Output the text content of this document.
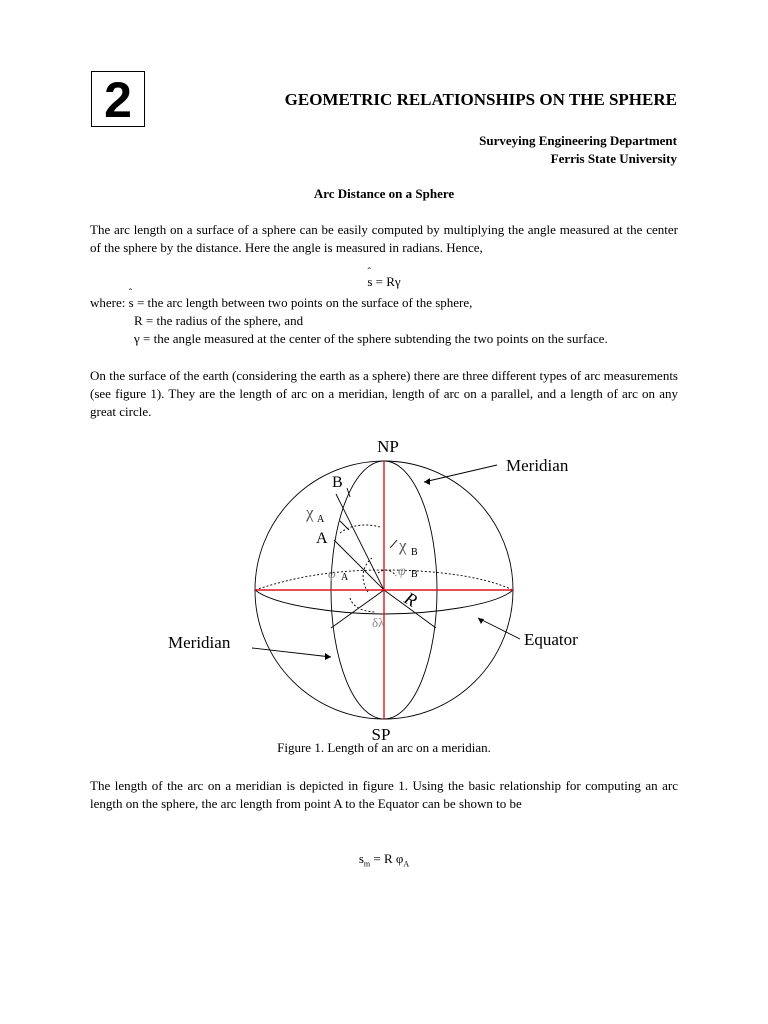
2	GEOMETRIC RELATIONSHIPS ON THE SPHERE
Surveying Engineering Department
Ferris State University
Arc Distance on a Sphere

The arc length on a surface of a sphere can be easily computed by multiplying the angle measured at the center of the sphere by the distance. Here the angle is measured in radians. Hence,

ˆ s = Rγ
where: ˆ s = the arc length between two points on the surface of the sphere,
R = the radius of the sphere, and
γ = the angle measured at the center of the sphere subtending the two points on the surface.

On the surface of the earth (considering the earth as a sphere) there are three different types of arc measurements (see figure 1). They are the length of arc on a meridian, length of arc on a parallel, and a length of arc on any great circle.

NP
SP
Meridian
Meridian	Equator
B
A
χ A
χ B
φ A	φ B
R
δλ
Figure 1. Length of an arc on a meridian.

The length of the arc on a meridian is depicted in figure 1. Using the basic relationship for computing an arc length on the sphere, the arc length from point A to the Equator can be shown to be

$s_m = R$ $\varphi_A$
